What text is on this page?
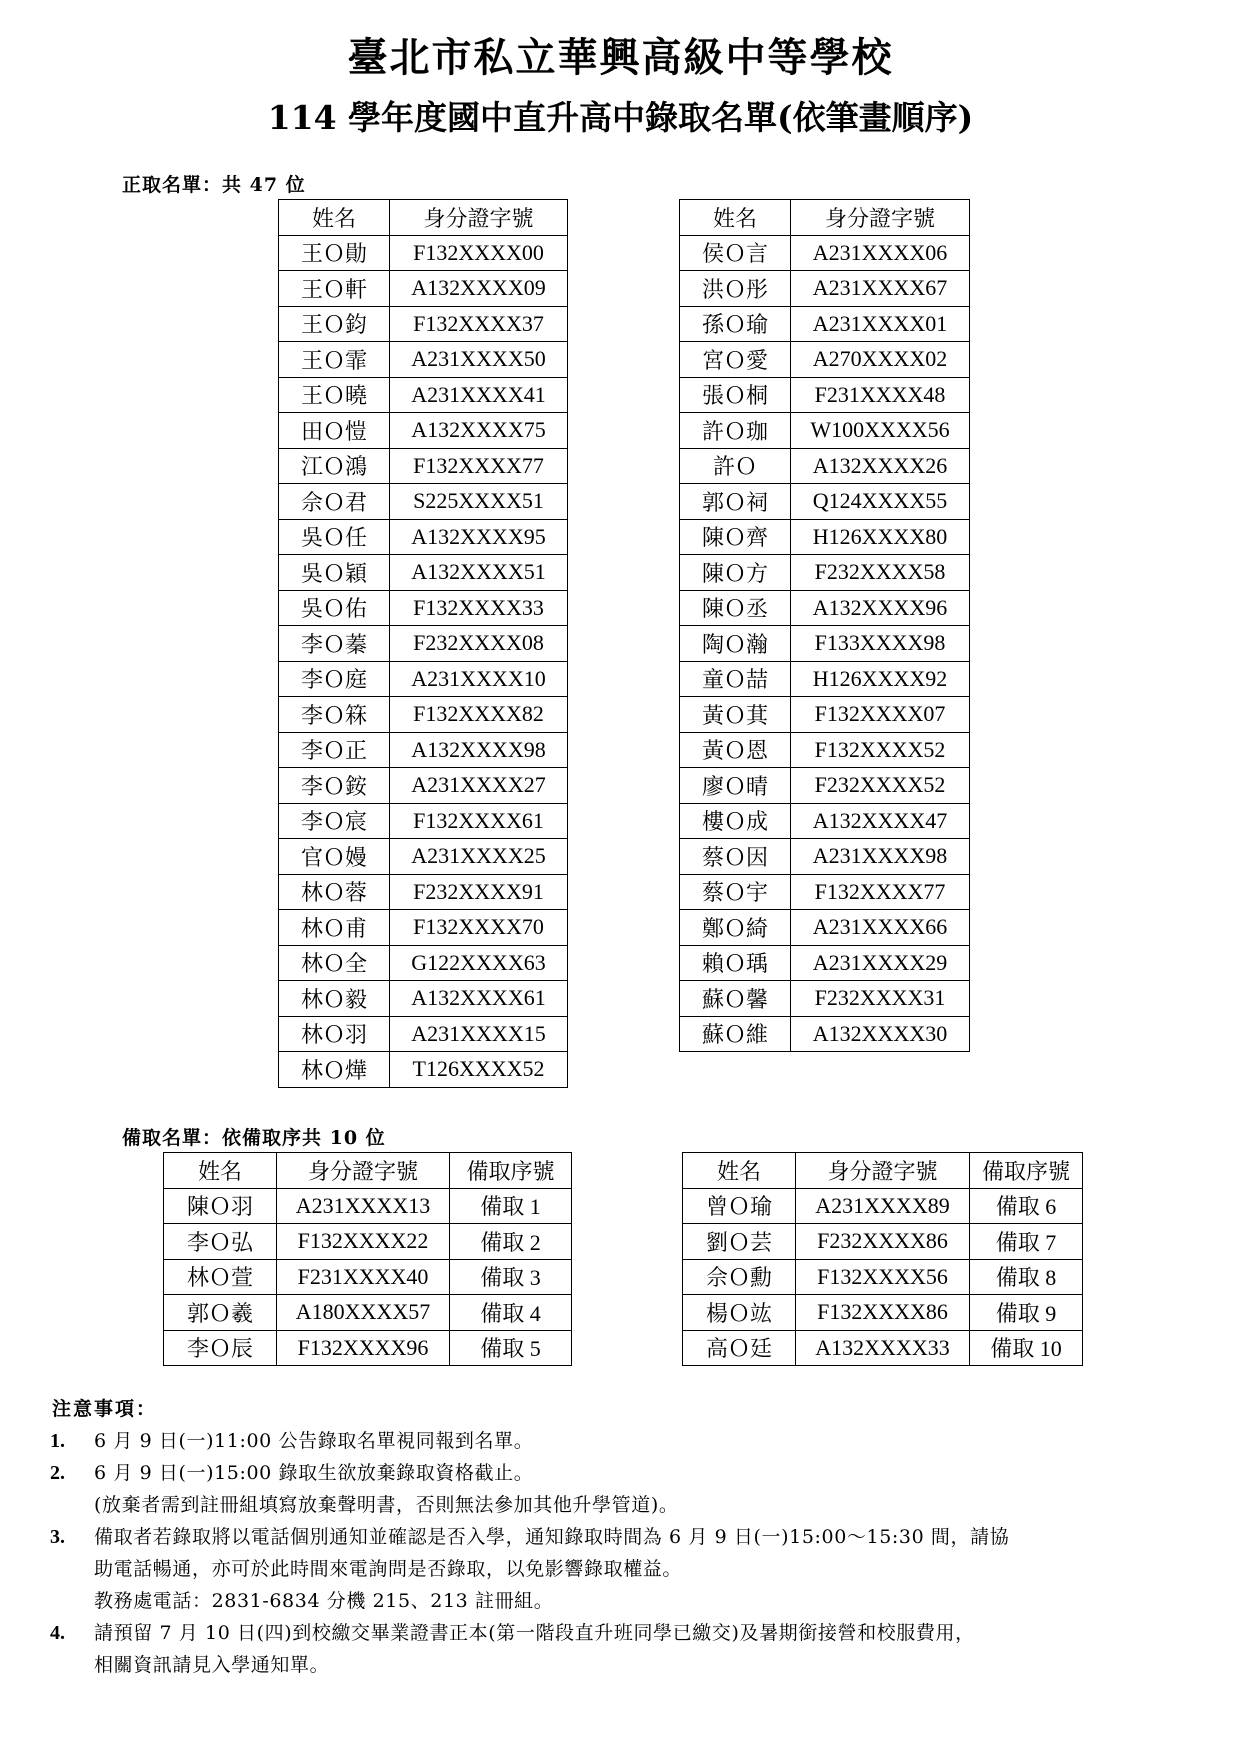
臺北市私立華興高級中等學校
114 學年度國中直升高中錄取名單(依筆畫順序)
正取名單：共 47 位
姓名	身分證字號
王Ｏ勛	F132XXXX00
王Ｏ軒	A132XXXX09
王Ｏ鈞	F132XXXX37
王Ｏ霏	A231XXXX50
王Ｏ曉	A231XXXX41
田Ｏ愷	A132XXXX75
江Ｏ鴻	F132XXXX77
佘Ｏ君	S225XXXX51
吳Ｏ任	A132XXXX95
吳Ｏ穎	A132XXXX51
吳Ｏ佑	F132XXXX33
李Ｏ蓁	F232XXXX08
李Ｏ庭	A231XXXX10
李Ｏ箖	F132XXXX82
李Ｏ正	A132XXXX98
李Ｏ銨	A231XXXX27
李Ｏ宸	F132XXXX61
官Ｏ嫚	A231XXXX25
林Ｏ蓉	F232XXXX91
林Ｏ甫	F132XXXX70
林Ｏ全	G122XXXX63
林Ｏ毅	A132XXXX61
林Ｏ羽	A231XXXX15
林Ｏ燁	T126XXXX52
姓名	身分證字號
侯Ｏ言	A231XXXX06
洪Ｏ彤	A231XXXX67
孫Ｏ瑜	A231XXXX01
宮Ｏ愛	A270XXXX02
張Ｏ桐	F231XXXX48
許Ｏ珈	W100XXXX56
許Ｏ	A132XXXX26
郭Ｏ祠	Q124XXXX55
陳Ｏ齊	H126XXXX80
陳Ｏ方	F232XXXX58
陳Ｏ丞	A132XXXX96
陶Ｏ瀚	F133XXXX98
童Ｏ喆	H126XXXX92
黃Ｏ萁	F132XXXX07
黃Ｏ恩	F132XXXX52
廖Ｏ晴	F232XXXX52
樓Ｏ成	A132XXXX47
蔡Ｏ因	A231XXXX98
蔡Ｏ宇	F132XXXX77
鄭Ｏ綺	A231XXXX66
賴Ｏ瑀	A231XXXX29
蘇Ｏ馨	F232XXXX31
蘇Ｏ維	A132XXXX30
備取名單：依備取序共 10 位
姓名	身分證字號	備取序號
陳Ｏ羽	A231XXXX13	備取 1
李Ｏ弘	F132XXXX22	備取 2
林Ｏ萱	F231XXXX40	備取 3
郭Ｏ羲	A180XXXX57	備取 4
李Ｏ辰	F132XXXX96	備取 5
姓名	身分證字號	備取序號
曾Ｏ瑜	A231XXXX89	備取 6
劉Ｏ芸	F232XXXX86	備取 7
佘Ｏ勳	F132XXXX56	備取 8
楊Ｏ竑	F132XXXX86	備取 9
高Ｏ廷	A132XXXX33	備取 10
注意事項：
1. 6 月 9 日(一)11:00 公告錄取名單視同報到名單。
2. 6 月 9 日(一)15:00 錄取生欲放棄錄取資格截止。
(放棄者需到註冊組填寫放棄聲明書，否則無法參加其他升學管道)。
3. 備取者若錄取將以電話個別通知並確認是否入學，通知錄取時間為 6 月 9 日(一)15:00～15:30 間，請協
助電話暢通，亦可於此時間來電詢問是否錄取，以免影響錄取權益。
教務處電話：2831-6834 分機 215、213 註冊組。
4. 請預留 7 月 10 日(四)到校繳交畢業證書正本(第一階段直升班同學已繳交)及暑期銜接營和校服費用，
相關資訊請見入學通知單。
